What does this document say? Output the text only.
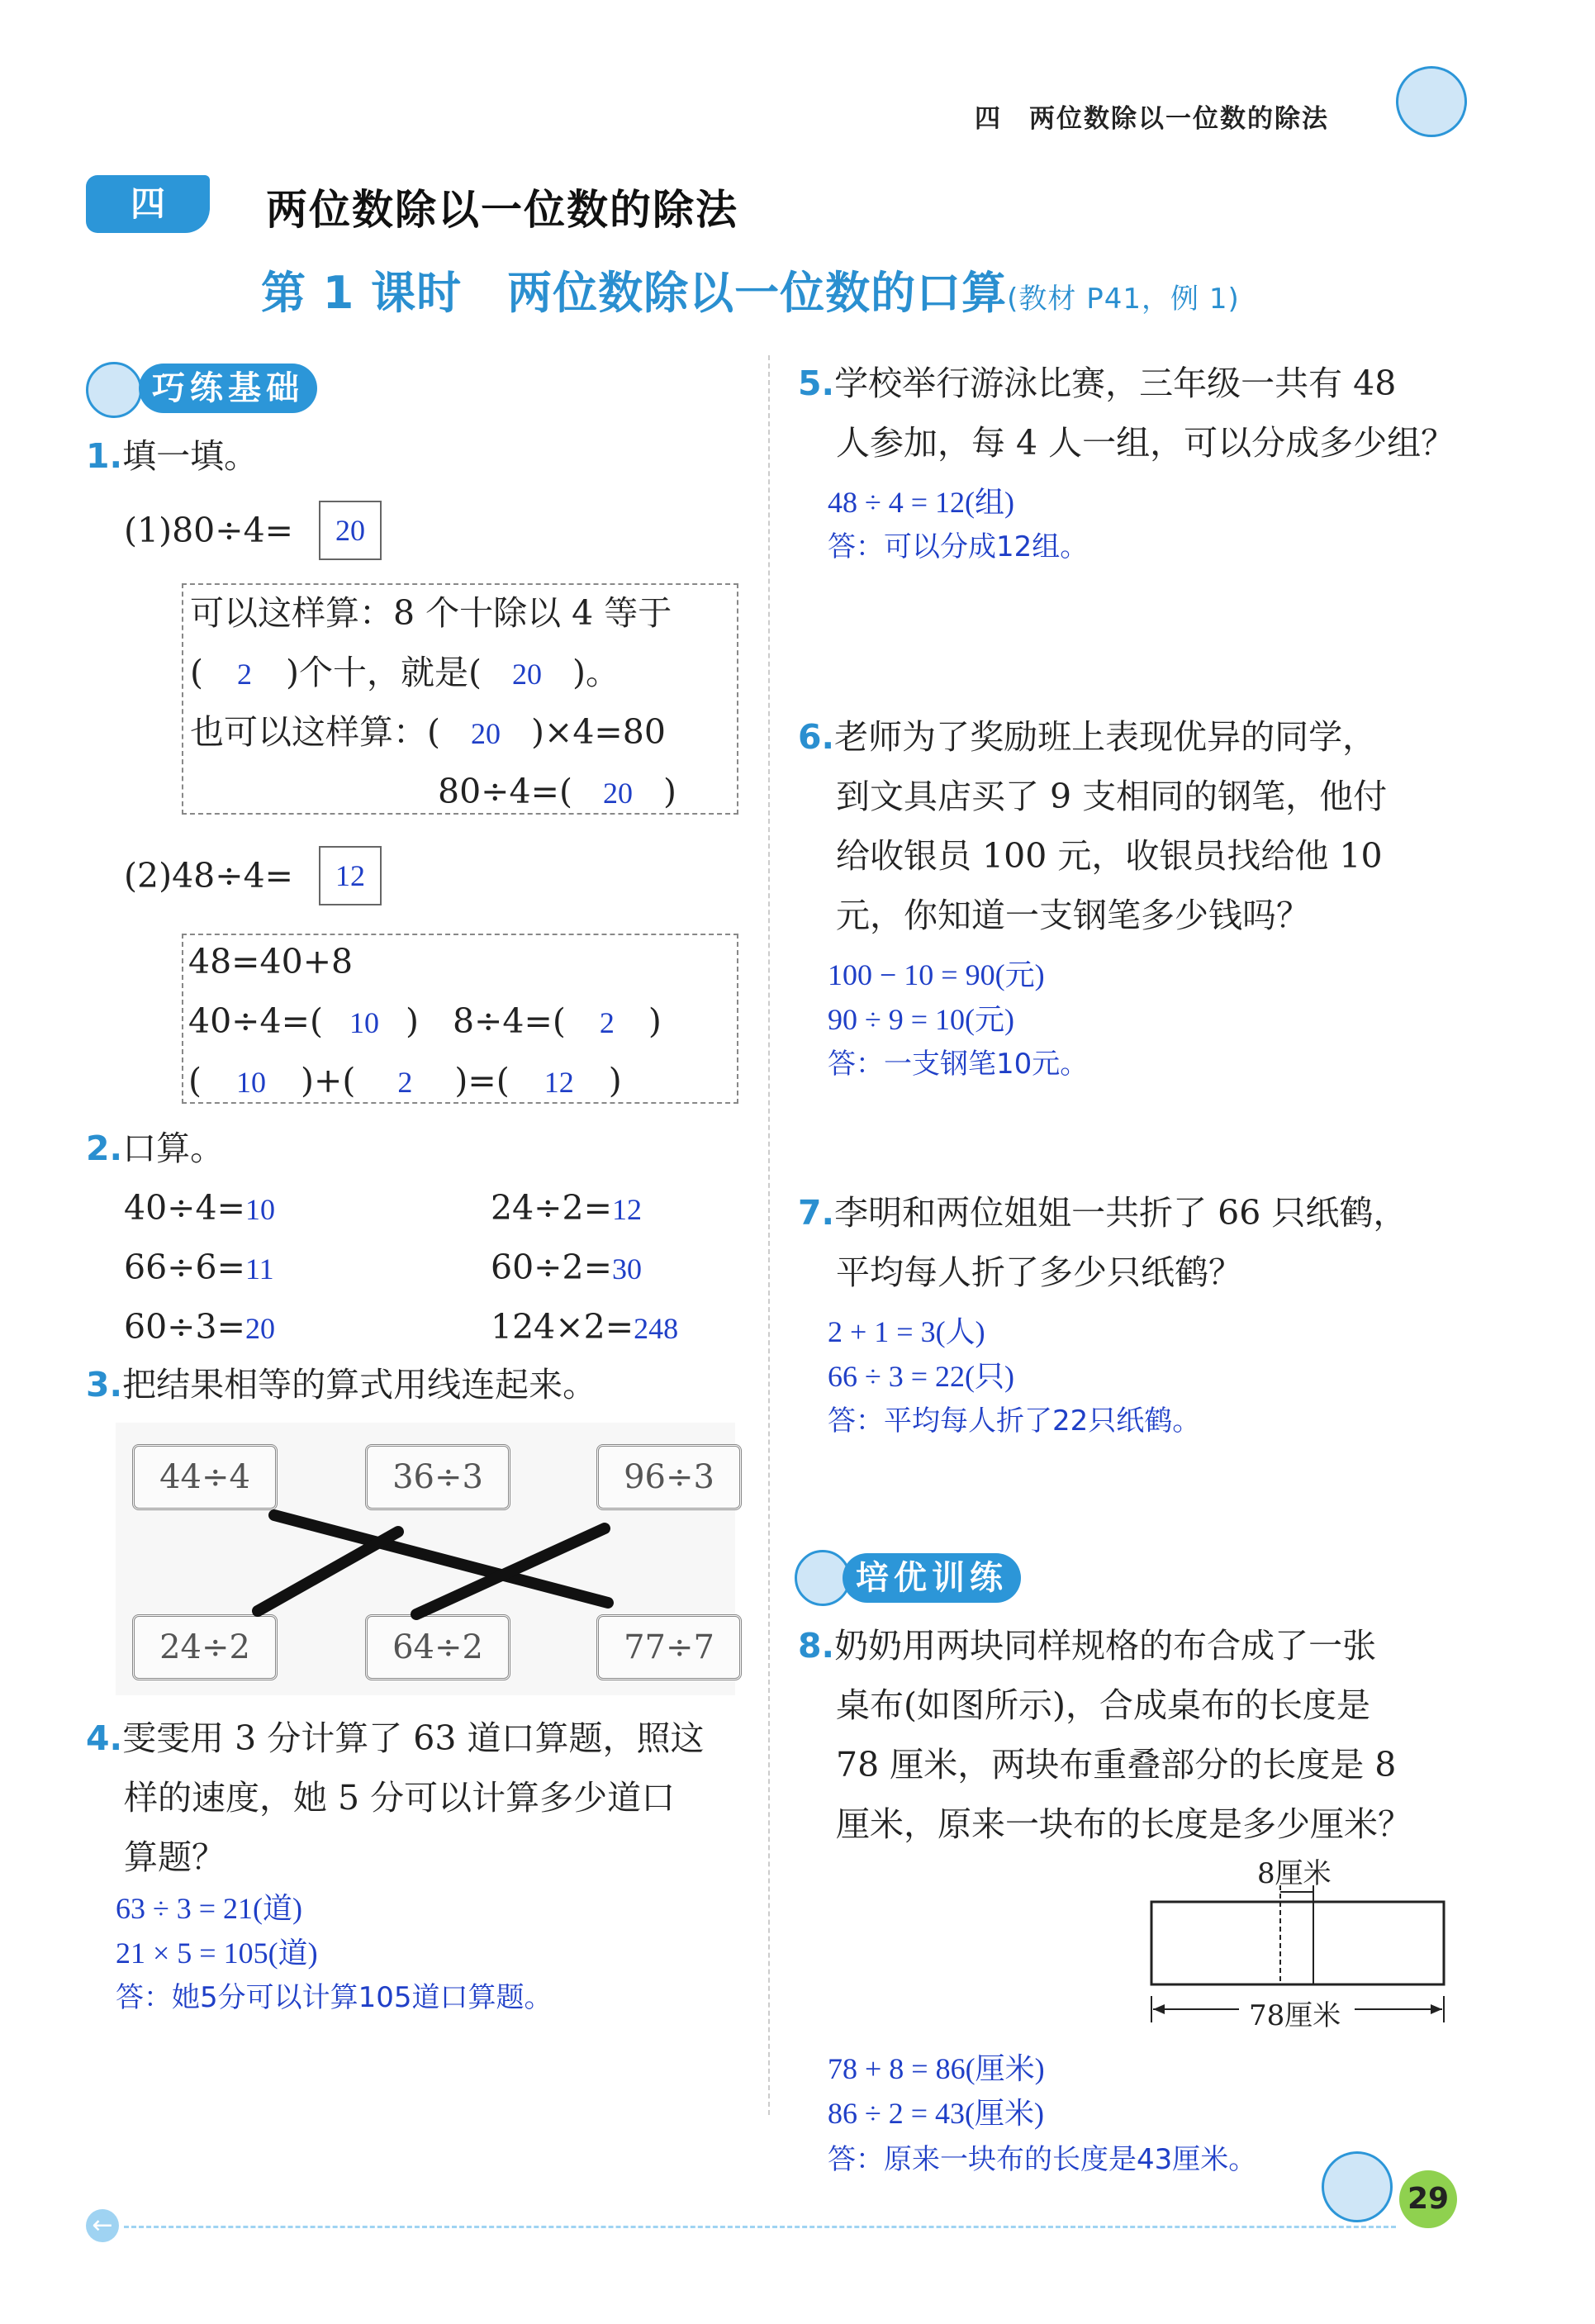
四　两位数除以一位数的除法
四	两位数除以一位数的除法
第 1 课时　两位数除以一位数的口算(教材 P41，例 1)
巧练基础
1.填一填。
(1)80÷4=	20
可以这样算：8 个十除以 4 等于
( 2 )个十，就是( 20 )。
也可以这样算：( 20 )×4=80
80÷4=( 20 )
(2)48÷4=	12
48=40+8
40÷4=( 10 )　8÷4=( 2 )
( 10 )+( 2 )=( 12 )
2.口算。
40÷4=10	24÷2=12
66÷6=11	60÷2=30
60÷3=20	124×2=248
3.把结果相等的算式用线连起来。
44÷4	36÷3	96÷3
24÷2	64÷2	77÷7
4.雯雯用 3 分计算了 63 道口算题，照这
样的速度，她 5 分可以计算多少道口
算题？
63 ÷ 3 = 21(道)
21 × 5 = 105(道)
答：她5分可以计算105道口算题。
5.学校举行游泳比赛，三年级一共有 48
人参加，每 4 人一组，可以分成多少组？
48 ÷ 4 = 12(组)
答：可以分成12组。
6.老师为了奖励班上表现优异的同学，
到文具店买了 9 支相同的钢笔，他付
给收银员 100 元，收银员找给他 10
元，你知道一支钢笔多少钱吗？
100 − 10 = 90(元)
90 ÷ 9 = 10(元)
答：一支钢笔10元。
7.李明和两位姐姐一共折了 66 只纸鹤，
平均每人折了多少只纸鹤？
2 + 1 = 3(人)
66 ÷ 3 = 22(只)
答：平均每人折了22只纸鹤。
培优训练
8.奶奶用两块同样规格的布合成了一张
桌布(如图所示)，合成桌布的长度是
78 厘米，两块布重叠部分的长度是 8
厘米，原来一块布的长度是多少厘米？
8厘米
78厘米
78 + 8 = 86(厘米)
86 ÷ 2 = 43(厘米)
答：原来一块布的长度是43厘米。
29
←
